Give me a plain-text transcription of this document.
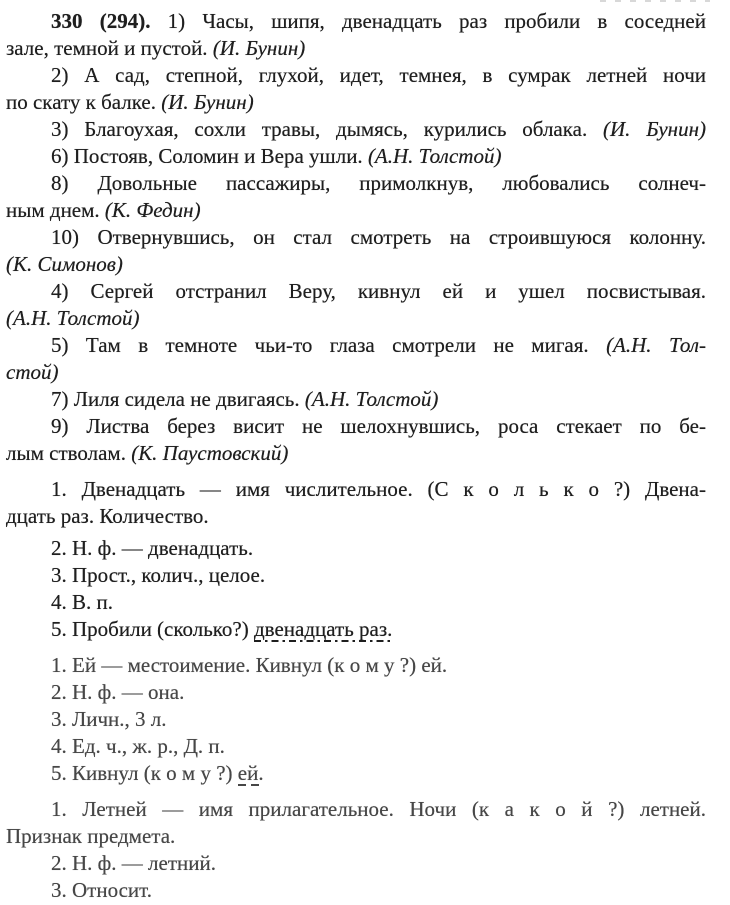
330 (294). 1) Часы, шипя, двенадцать раз пробили в соседней
зале, темной и пустой. (И. Бунин)
2) А сад, степной, глухой, идет, темнея, в сумрак летней ночи
по скату к балке. (И. Бунин)
3) Благоухая, сохли травы, дымясь, курились облака. (И. Бунин)
6) Постояв, Соломин и Вера ушли. (А.Н. Толстой)
8) Довольные пассажиры, примолкнув, любовались солнеч-
ным днем. (К. Федин)
10) Отвернувшись, он стал смотреть на строившуюся колонну.
(К. Симонов)
4) Сергей отстранил Веру, кивнул ей и ушел посвистывая.
(А.Н. Толстой)
5) Там в темноте чьи-то глаза смотрели не мигая. (А.Н. Тол-
стой)
7) Лиля сидела не двигаясь. (А.Н. Толстой)
9) Листва берез висит не шелохнувшись, роса стекает по бе-
лым стволам. (К. Паустовский)
1. Двенадцать — имя числительное. (С к о л ь к о ?) Двена-
дцать раз. Количество.
2. Н. ф. — двенадцать.
3. Прост., колич., целое.
4. В. п.
5. Пробили (сколько?) двенадцать раз.
1. Ей — местоимение. Кивнул (к о м у ?) ей.
2. Н. ф. — она.
3. Личн., 3 л.
4. Ед. ч., ж. р., Д. п.
5. Кивнул (к о м у ?) ей.
1. Летней — имя прилагательное. Ночи (к а к о й ?) летней.
Признак предмета.
2. Н. ф. — летний.
3. Относит.
